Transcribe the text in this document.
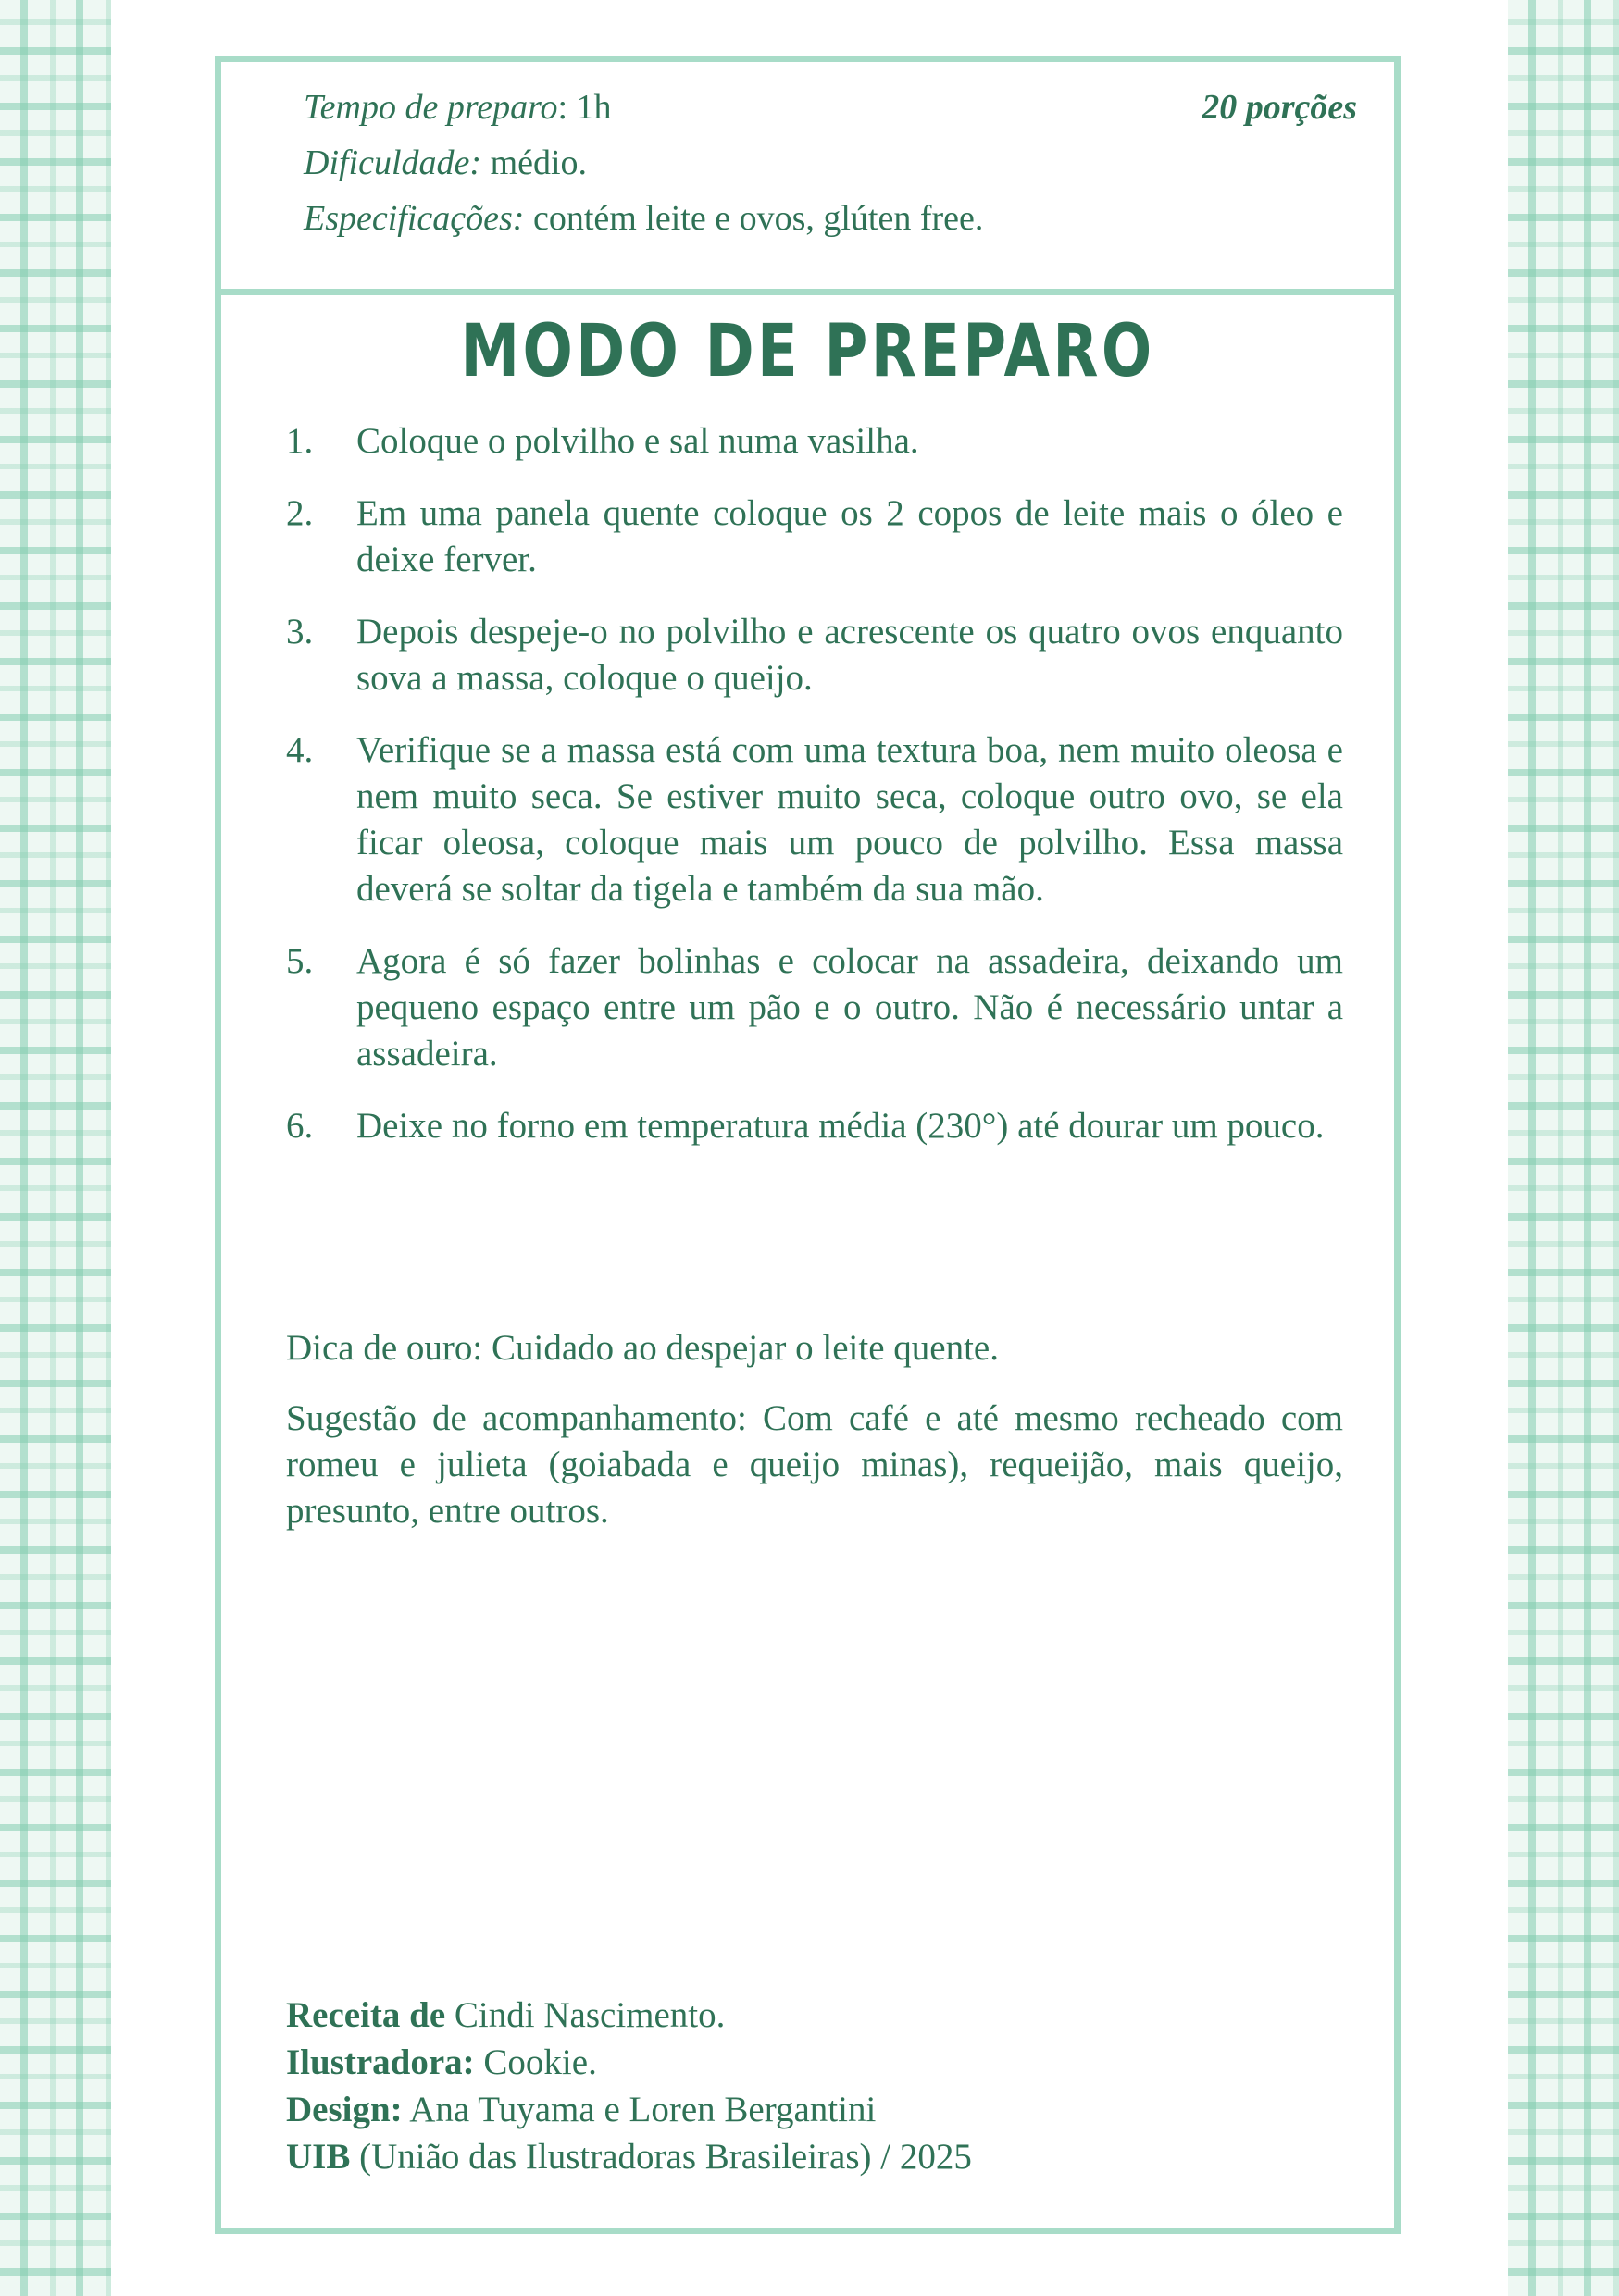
Tempo de preparo: 1h
Dificuldade: médio.
Especificações: contém leite e ovos, glúten free.
20 porções
MODO DE PREPARO
1.	Coloque o polvilho e sal numa vasilha.
2.	Em uma panela quente coloque os 2 copos de leite mais o óleo e deixe ferver.
3.	Depois despeje-o no polvilho e acrescente os quatro ovos enquanto sova a massa, coloque o queijo.
4.	Verifique se a massa está com uma textura boa, nem muito oleosa e nem muito seca. Se estiver muito seca, coloque outro ovo, se ela ficar oleosa, coloque mais um pouco de polvilho. Essa massa deverá se soltar da tigela e também da sua mão.
5.	Agora é só fazer bolinhas e colocar na assadeira, deixando um pequeno espaço entre um pão e o outro. Não é necessário untar a assadeira.
6.	Deixe no forno em temperatura média (230°) até dourar um pouco.
Dica de ouro: Cuidado ao despejar o leite quente.
Sugestão de acompanhamento: Com café e até mesmo recheado com romeu e julieta (goiabada e queijo minas), requeijão, mais queijo, presunto, entre outros.
Receita de Cindi Nascimento.
Ilustradora: Cookie.
Design: Ana Tuyama e Loren Bergantini
UIB (União das Ilustradoras Brasileiras) / 2025
